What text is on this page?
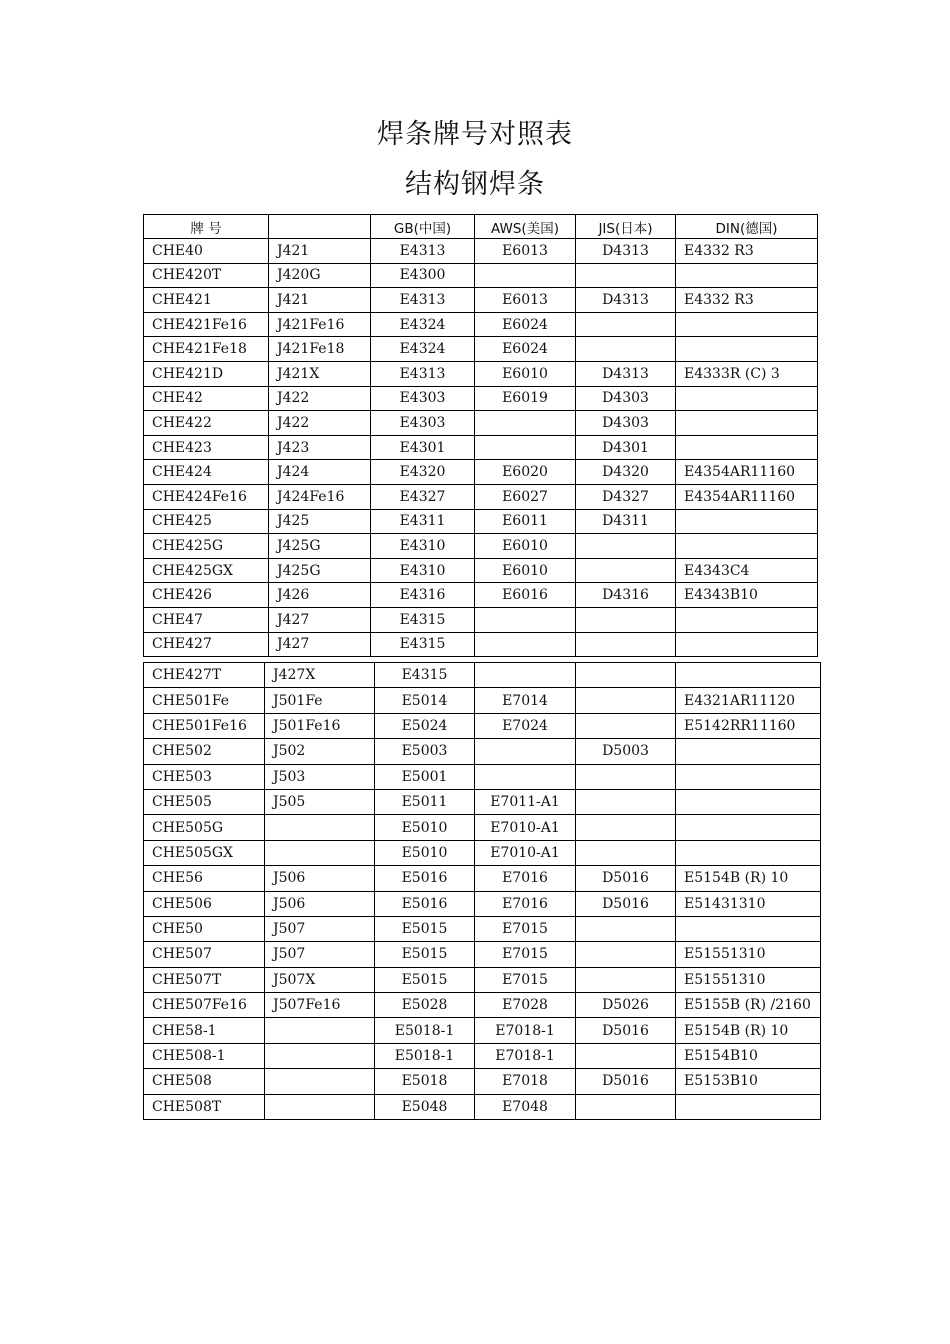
焊条牌号对照表
结构钢焊条
牌 号		GB(中国)	AWS(美国)	JIS(日本)	DIN(德国)
CHE40	J421	E4313	E6013	D4313	E4332 R3
CHE420T	J420G	E4300			
CHE421	J421	E4313	E6013	D4313	E4332 R3
CHE421Fe16	J421Fe16	E4324	E6024		
CHE421Fe18	J421Fe18	E4324	E6024		
CHE421D	J421X	E4313	E6010	D4313	E4333R (C) 3
CHE42	J422	E4303	E6019	D4303	
CHE422	J422	E4303		D4303	
CHE423	J423	E4301		D4301	
CHE424	J424	E4320	E6020	D4320	E4354AR11160
CHE424Fe16	J424Fe16	E4327	E6027	D4327	E4354AR11160
CHE425	J425	E4311	E6011	D4311	
CHE425G	J425G	E4310	E6010		
CHE425GX	J425G	E4310	E6010		E4343C4
CHE426	J426	E4316	E6016	D4316	E4343B10
CHE47	J427	E4315			
CHE427	J427	E4315			
CHE427T	J427X	E4315			
CHE501Fe	J501Fe	E5014	E7014		E4321AR11120
CHE501Fe16	J501Fe16	E5024	E7024		E5142RR11160
CHE502	J502	E5003		D5003	
CHE503	J503	E5001			
CHE505	J505	E5011	E7011-A1		
CHE505G		E5010	E7010-A1		
CHE505GX		E5010	E7010-A1		
CHE56	J506	E5016	E7016	D5016	E5154B (R) 10
CHE506	J506	E5016	E7016	D5016	E51431310
CHE50	J507	E5015	E7015		
CHE507	J507	E5015	E7015		E51551310
CHE507T	J507X	E5015	E7015		E51551310
CHE507Fe16	J507Fe16	E5028	E7028	D5026	E5155B (R) /2160
CHE58-1		E5018-1	E7018-1	D5016	E5154B (R) 10
CHE508-1		E5018-1	E7018-1		E5154B10
CHE508		E5018	E7018	D5016	E5153B10
CHE508T		E5048	E7048		
